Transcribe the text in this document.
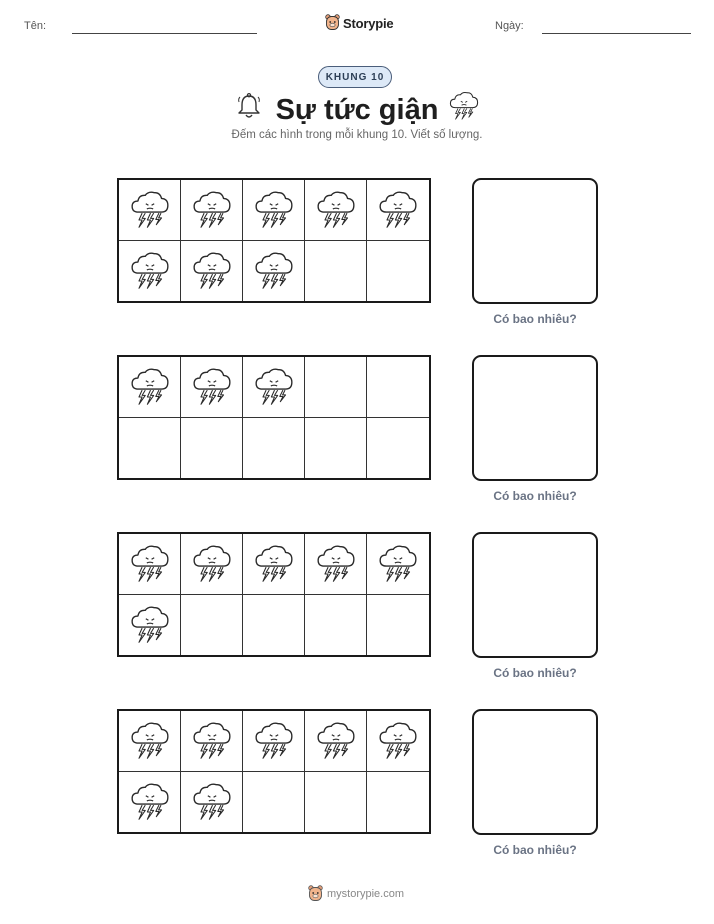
Tên:	Storypie	Ngày:
KHUNG 10
Sự tức giận
Đếm các hình trong mỗi khung 10. Viết số lượng.
Có bao nhiêu?
Có bao nhiêu?
Có bao nhiêu?
Có bao nhiêu?
mystorypie.com
